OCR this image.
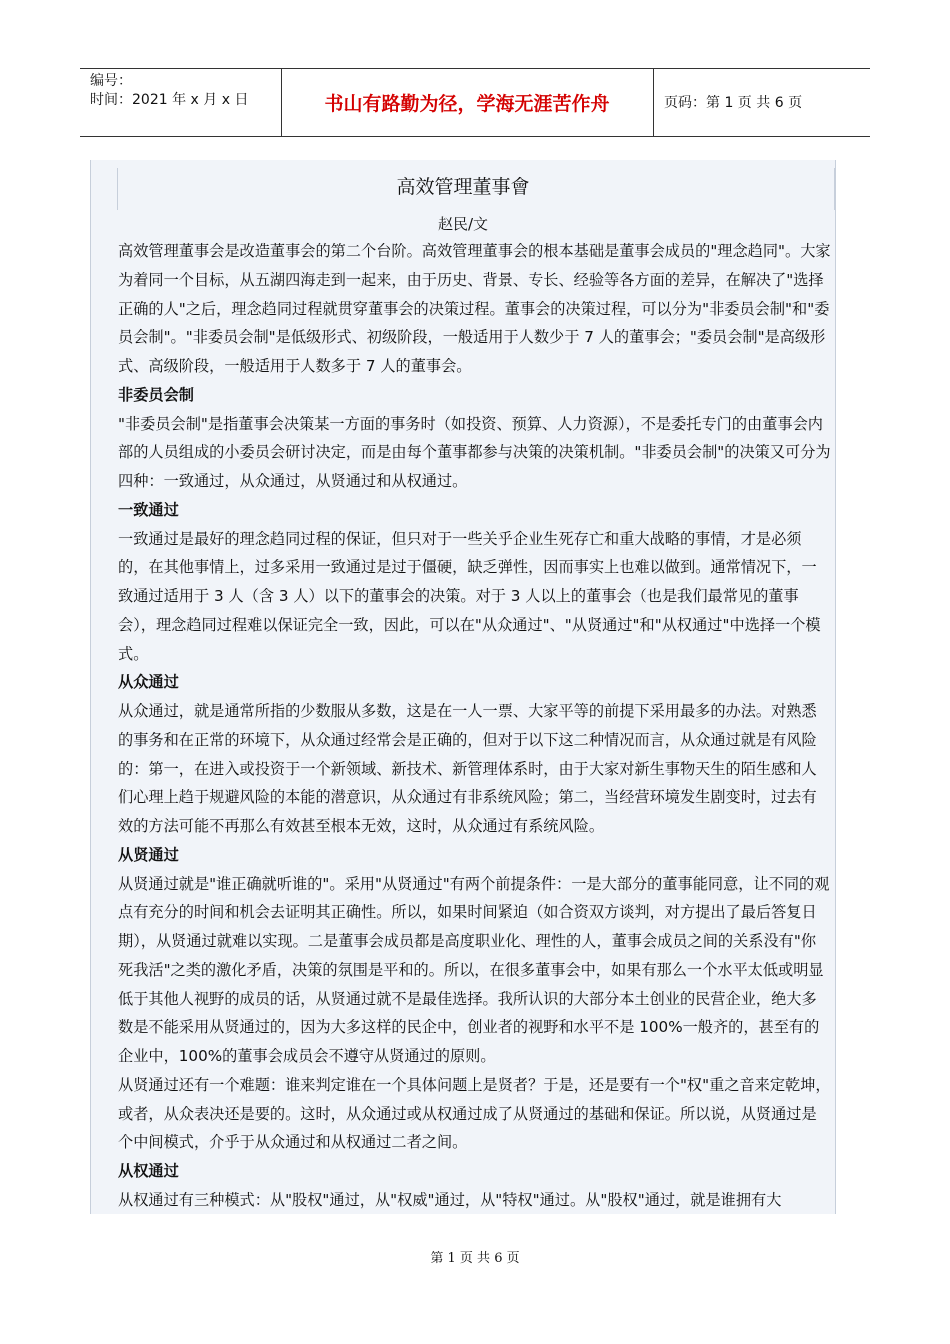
编号：
时间：2021 年 x 月 x 日	书山有路勤为径，学海无涯苦作舟	页码：第 1 页 共 6 页
高效管理董事會
赵民/文

高效管理董事会是改造董事会的第二个台阶。高效管理董事会的根本基础是董事会成员的"理念趋同"。大家为着同一个目标，从五湖四海走到一起来，由于历史、背景、专长、经验等各方面的差异，在解决了"选择正确的人"之后，理念趋同过程就贯穿董事会的决策过程。董事会的决策过程，可以分为"非委员会制"和"委员会制"。"非委员会制"是低级形式、初级阶段，一般适用于人数少于 7 人的董事会；"委员会制"是高级形式、高级阶段，一般适用于人数多于 7 人的董事会。

非委员会制

"非委员会制"是指董事会决策某一方面的事务时（如投资、预算、人力资源），不是委托专门的由董事会内部的人员组成的小委员会研讨决定，而是由每个董事都参与决策的决策机制。"非委员会制"的决策又可分为四种：一致通过，从众通过，从贤通过和从权通过。

一致通过

一致通过是最好的理念趋同过程的保证，但只对于一些关乎企业生死存亡和重大战略的事情，才是必须的，在其他事情上，过多采用一致通过是过于僵硬，缺乏弹性，因而事实上也难以做到。通常情况下，一致通过适用于 3 人（含 3 人）以下的董事会的决策。对于 3 人以上的董事会（也是我们最常见的董事会），理念趋同过程难以保证完全一致，因此，可以在"从众通过"、"从贤通过"和"从权通过"中选择一个模式。

从众通过

从众通过，就是通常所指的少数服从多数，这是在一人一票、大家平等的前提下采用最多的办法。对熟悉的事务和在正常的环境下，从众通过经常会是正确的，但对于以下这二种情况而言，从众通过就是有风险的：第一，在进入或投资于一个新领域、新技术、新管理体系时，由于大家对新生事物天生的陌生感和人们心理上趋于规避风险的本能的潜意识，从众通过有非系统风险；第二，当经营环境发生剧变时，过去有效的方法可能不再那么有效甚至根本无效，这时，从众通过有系统风险。

从贤通过

从贤通过就是"谁正确就听谁的"。采用"从贤通过"有两个前提条件：一是大部分的董事能同意，让不同的观点有充分的时间和机会去证明其正确性。所以，如果时间紧迫（如合资双方谈判，对方提出了最后答复日期），从贤通过就难以实现。二是董事会成员都是高度职业化、理性的人，董事会成员之间的关系没有"你死我活"之类的激化矛盾，决策的氛围是平和的。所以，在很多董事会中，如果有那么一个水平太低或明显低于其他人视野的成员的话，从贤通过就不是最佳选择。我所认识的大部分本土创业的民营企业，绝大多数是不能采用从贤通过的，因为大多这样的民企中，创业者的视野和水平不是 100%一般齐的，甚至有的企业中，100%的董事会成员会不遵守从贤通过的原则。

从贤通过还有一个难题：谁来判定谁在一个具体问题上是贤者？于是，还是要有一个"权"重之音来定乾坤，或者，从众表决还是要的。这时，从众通过或从权通过成了从贤通过的基础和保证。所以说，从贤通过是个中间模式，介乎于从众通过和从权通过二者之间。

从权通过

从权通过有三种模式：从"股权"通过，从"权威"通过，从"特权"通过。从"股权"通过，就是谁拥有大

第 1 页 共 6 页
